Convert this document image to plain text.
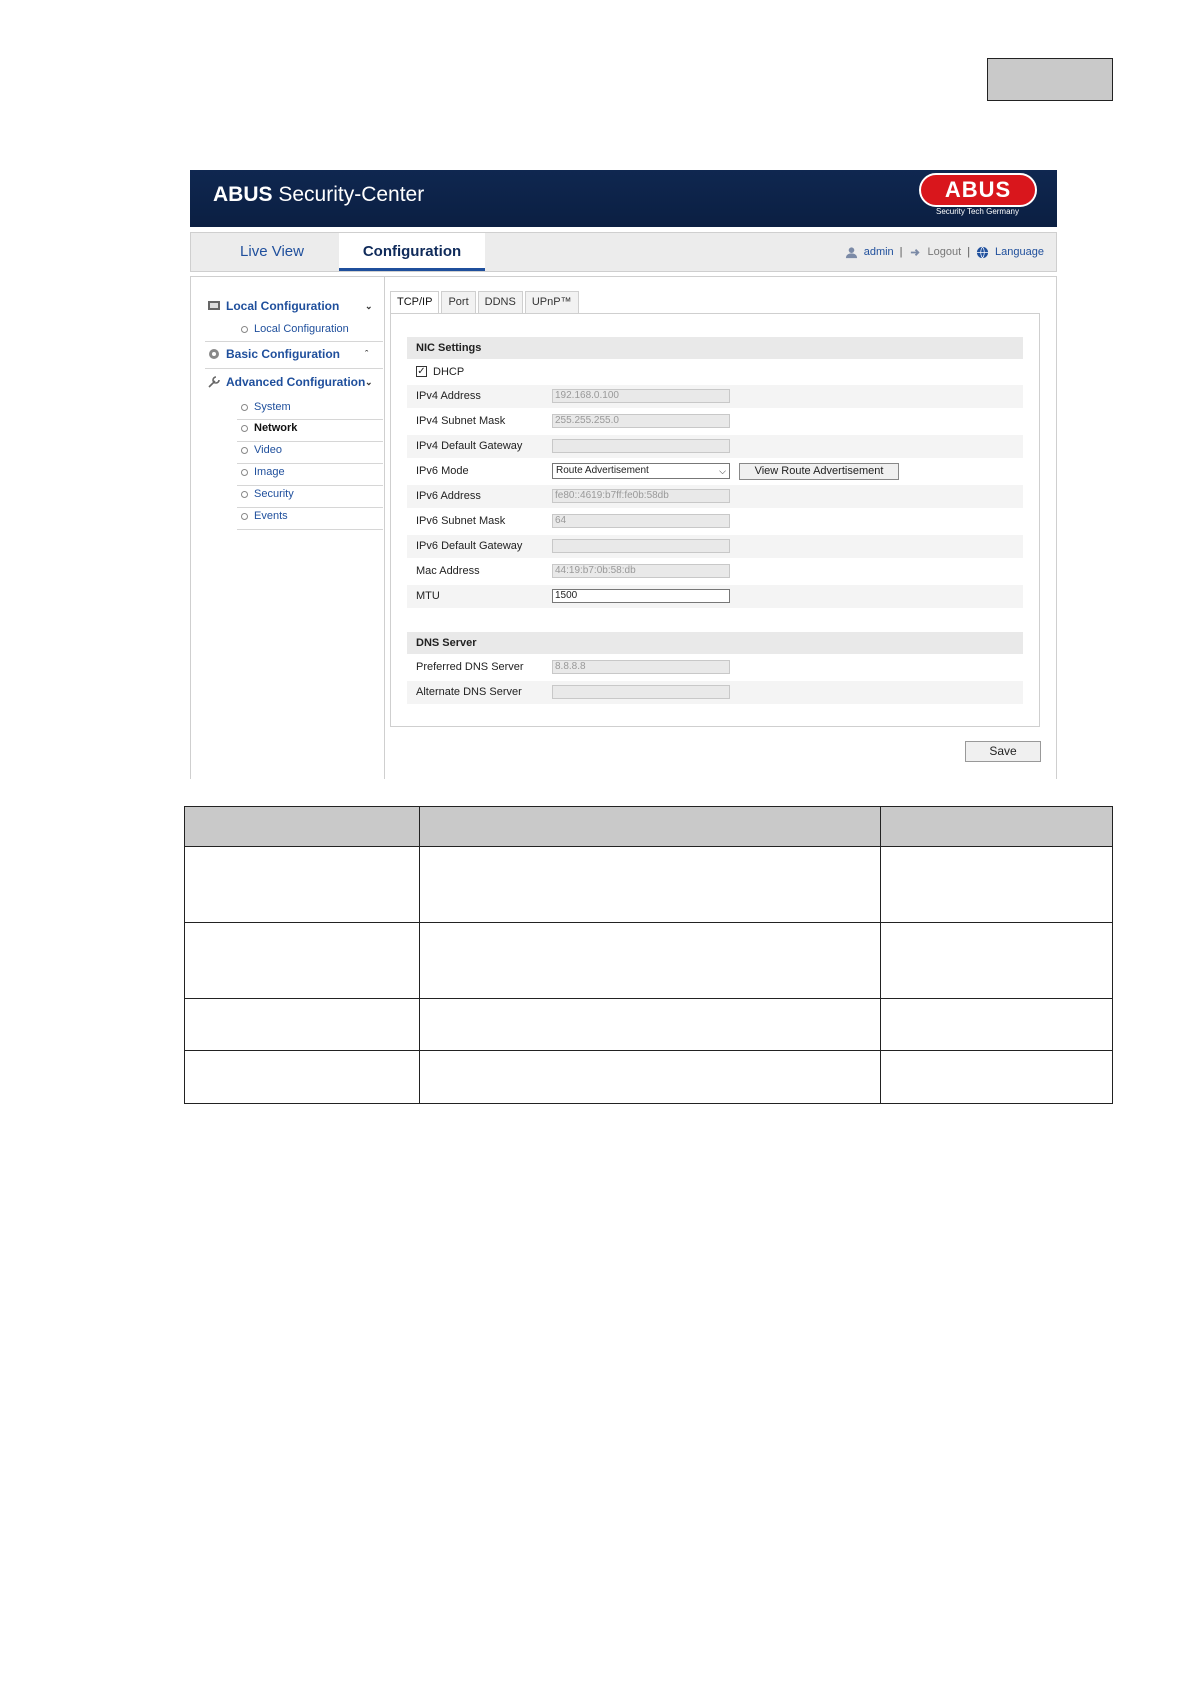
ABUS Security-Center	ABUS
Security Tech Germany
Live View	Configuration	admin | Logout | Language
Local Configuration	⌄
Local Configuration
Basic Configuration	ˆ
Advanced Configuration ⌄
System
Network
Video
Image
Security
Events
TCP/IP	Port	DDNS	UPnP™
NIC Settings
✓ DHCP
IPv4 Address	192.168.0.100
IPv4 Subnet Mask	255.255.255.0
IPv4 Default Gateway
IPv6 Mode	Route Advertisement	⌵	View Route Advertisement
IPv6 Address	fe80::4619:b7ff:fe0b:58db
IPv6 Subnet Mask	64
IPv6 Default Gateway
Mac Address	44:19:b7:0b:58:db
MTU	1500
DNS Server
Preferred DNS Server	8.8.8.8
Alternate DNS Server
Save
